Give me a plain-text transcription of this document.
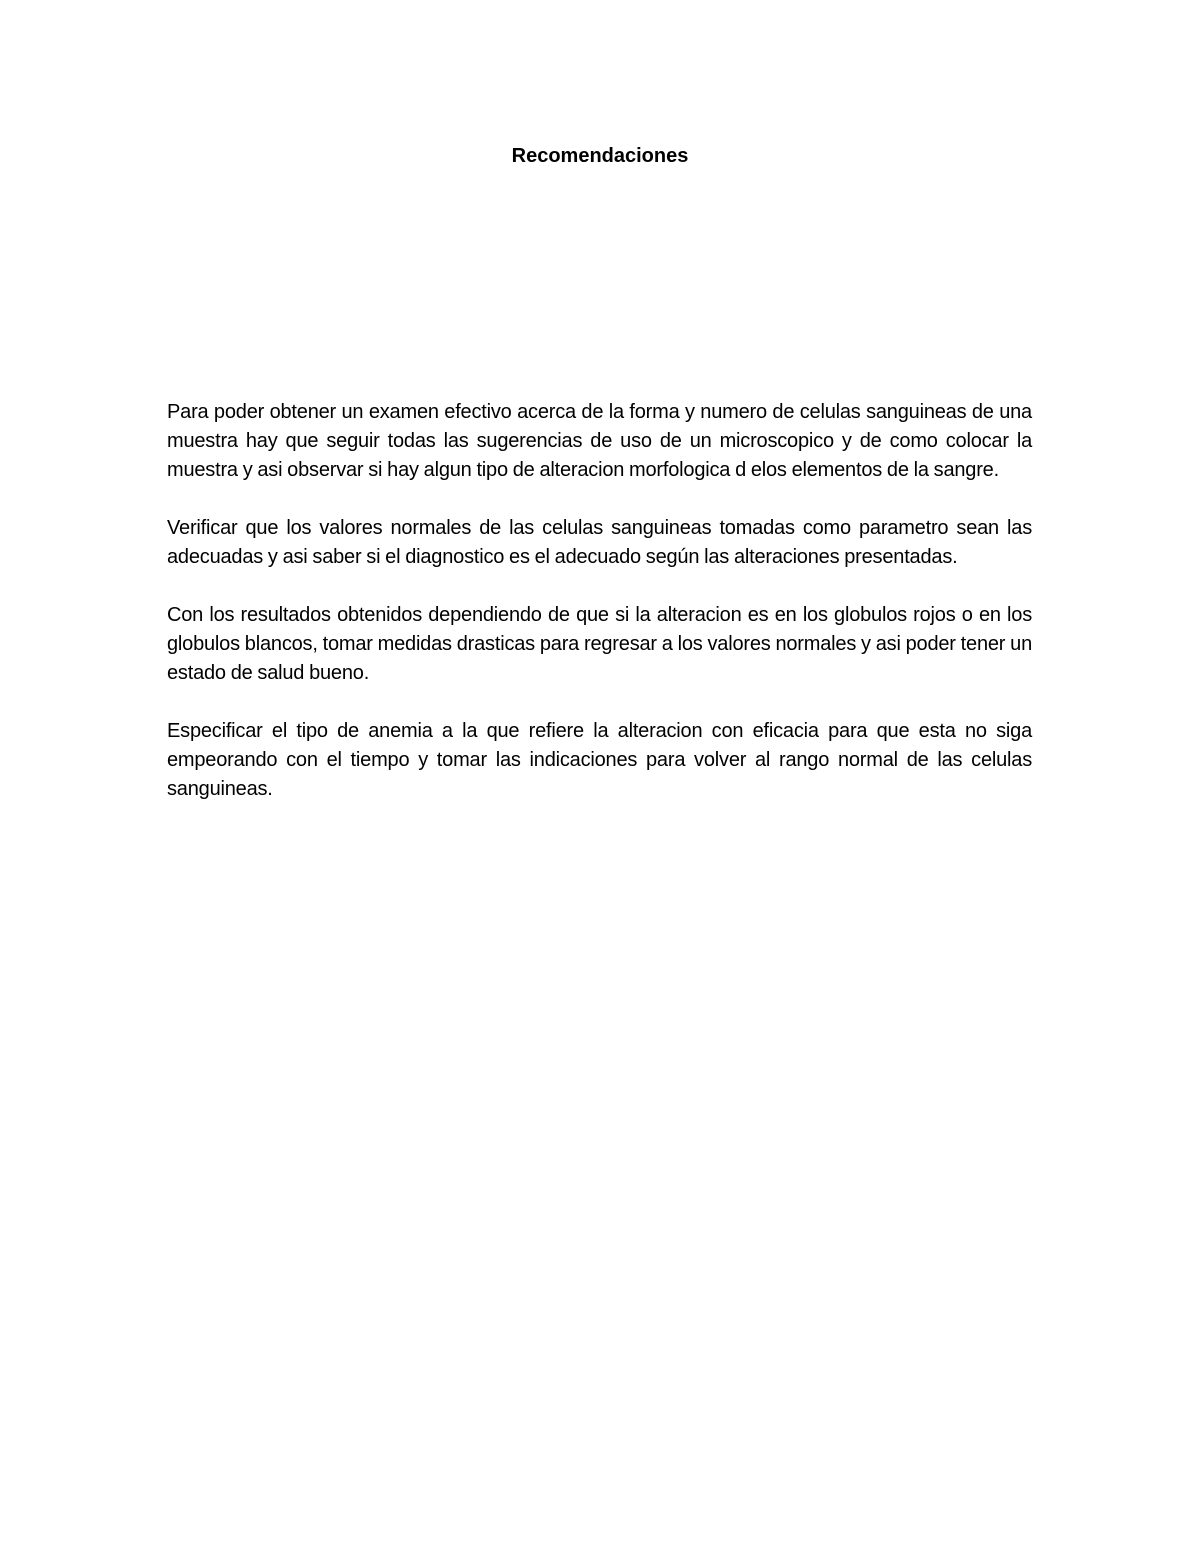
Recomendaciones

Para poder obtener un examen efectivo acerca de la forma y numero de celulas sanguineas de una muestra hay que seguir todas las sugerencias de uso de un microscopico y de como colocar la muestra y asi observar si hay algun tipo de alteracion morfologica d elos elementos de la sangre.

Verificar que los valores normales de las celulas sanguineas tomadas como parametro sean las adecuadas y asi saber si el diagnostico es el adecuado según las alteraciones presentadas.

Con los resultados obtenidos dependiendo de que si la alteracion es en los globulos rojos o en los globulos blancos, tomar medidas drasticas para regresar a los valores normales y asi poder tener un estado de salud bueno.

Especificar el tipo de anemia a la que refiere la alteracion con eficacia para que esta no siga empeorando con el tiempo y tomar las indicaciones para volver al rango normal de las celulas sanguineas.
